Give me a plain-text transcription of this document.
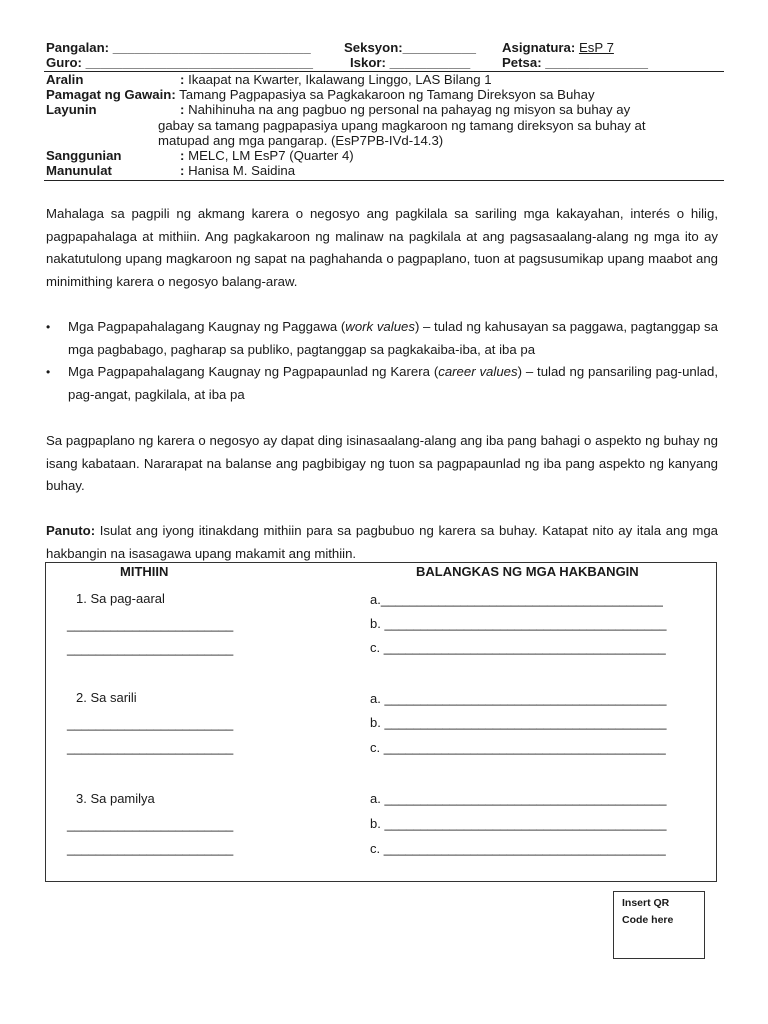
Pangalan: ___________________________	Seksyon:__________ Asignatura: EsP 7
Guro: _______________________________	Iskor: ___________ Petsa: ______________
Aralin	: Ikaapat na Kwarter, Ikalawang Linggo, LAS Bilang 1
Pamagat ng Gawain: Tamang Pagpapasiya sa Pagkakaroon ng Tamang Direksyon sa Buhay
Layunin	: Nahihinuha na ang pagbuo ng personal na pahayag ng misyon sa buhay ay
gabay sa tamang pagpapasiya upang magkaroon ng tamang direksyon sa buhay at
matupad ang mga pangarap. (EsP7PB-IVd-14.3)
Sanggunian	: MELC, LM EsP7 (Quarter 4)
Manunulat	: Hanisa M. Saidina
Mahalaga sa pagpili ng akmang karera o negosyo ang pagkilala sa sariling mga kakayahan, interés o hilig, pagpapahalaga at mithiin. Ang pagkakaroon ng malinaw na pagkilala at ang pagsasaalang-alang ng mga ito ay nakatutulong upang magkaroon ng sapat na paghahanda o pagpaplano, tuon at pagsusumikap upang maabot ang minimithing karera o negosyo balang-araw.
• Mga Pagpapahalagang Kaugnay ng Paggawa (work values) – tulad ng kahusayan sa paggawa, pagtanggap sa mga pagbabago, pagharap sa publiko, pagtanggap sa pagkakaiba-iba, at iba pa
• Mga Pagpapahalagang Kaugnay ng Pagpapaunlad ng Karera (career values) – tulad ng pansariling pag-unlad, pag-angat, pagkilala, at iba pa
Sa pagpaplano ng karera o negosyo ay dapat ding isinasaalang-alang ang iba pang bahagi o aspekto ng buhay ng isang kabataan. Nararapat na balanse ang pagbibigay ng tuon sa pagpapaunlad ng iba pang aspekto ng kanyang buhay.
Panuto: Isulat ang iyong itinakdang mithiin para sa pagbubuo ng karera sa buhay. Katapat nito ay itala ang mga hakbangin na isasagawa upang makamit ang mithiin.
MITHIIN	BALANGKAS NG MGA HAKBANGIN
1. Sa pag-aaral
_______________________
_______________________
a._______________________________________
b. _______________________________________
c. _______________________________________
2. Sa sarili
_______________________
_______________________
a. _______________________________________
b. _______________________________________
c. _______________________________________
3. Sa pamilya
_______________________
_______________________
a. _______________________________________
b. _______________________________________
c. _______________________________________
Insert QR
Code here
